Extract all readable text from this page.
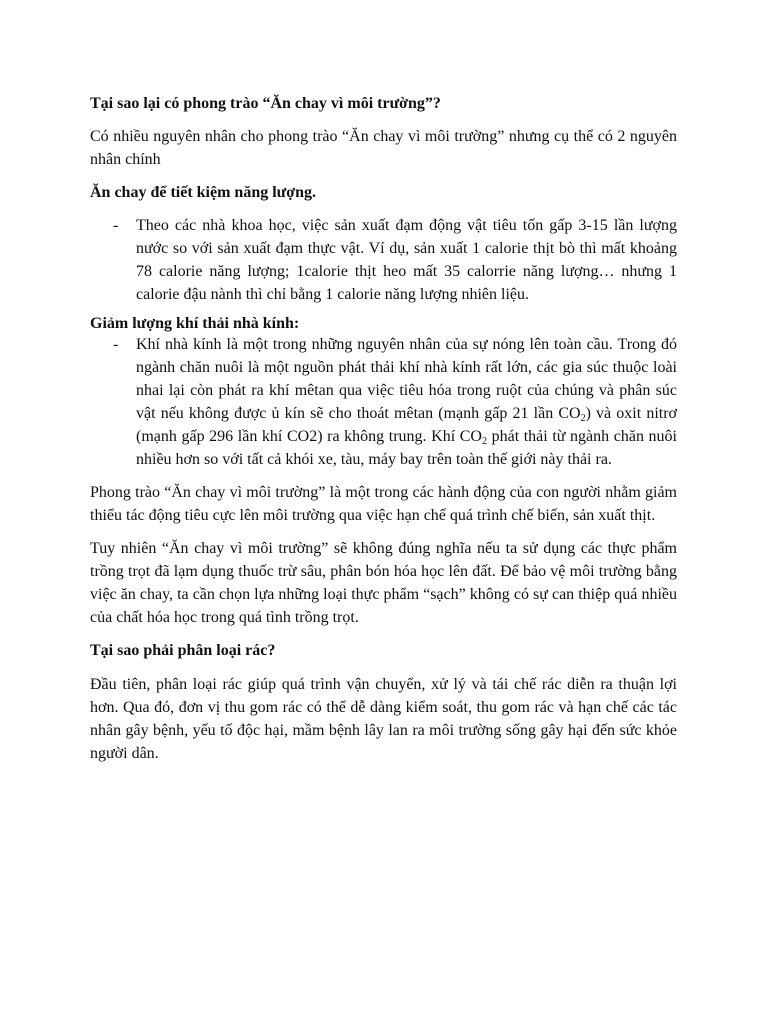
Tại sao lại có phong trào “Ăn chay vì môi trường”?

Có nhiều nguyên nhân cho phong trào “Ăn chay vì môi trường” nhưng cụ thể có 2 nguyên nhân chính

Ăn chay để tiết kiệm năng lượng.

- Theo các nhà khoa học, việc sản xuất đạm động vật tiêu tốn gấp 3-15 lần lượng nước so với sản xuất đạm thực vật. Ví dụ, sản xuất 1 calorie thịt bò thì mất khoảng 78 calorie năng lượng; 1calorie thịt heo mất 35 calorrie năng lượng… nhưng 1 calorie đậu nành thì chỉ bằng 1 calorie năng lượng nhiên liệu.

Giảm lượng khí thải nhà kính:

- Khí nhà kính là một trong những nguyên nhân của sự nóng lên toàn cầu. Trong đó ngành chăn nuôi là một nguồn phát thải khí nhà kính rất lớn, các gia súc thuộc loài nhai lại còn phát ra khí mêtan qua việc tiêu hóa trong ruột của chúng và phân súc vật nếu không được ủ kín sẽ cho thoát mêtan (mạnh gấp 21 lần $CO_2$) và oxit nitrơ (mạnh gấp 296 lần khí CO2) ra không trung. Khí $CO_2$ phát thải từ ngành chăn nuôi nhiều hơn so với tất cả khói xe, tàu, máy bay trên toàn thế giới này thải ra.

Phong trào “Ăn chay vì môi trường” là một trong các hành động của con người nhằm giảm thiểu tác động tiêu cực lên môi trường qua việc hạn chế quá trình chế biến, sản xuất thịt.

Tuy nhiên “Ăn chay vì môi trường” sẽ không đúng nghĩa nếu ta sử dụng các thực phẩm trồng trọt đã lạm dụng thuốc trừ sâu, phân bón hóa học lên đất. Để bảo vệ môi trường bằng việc ăn chay, ta cần chọn lựa những loại thực phẩm “sạch” không có sự can thiệp quá nhiều của chất hóa học trong quá tình trồng trọt.

Tại sao phải phân loại rác?

Đầu tiên, phân loại rác giúp quá trình vận chuyển, xử lý và tái chế rác diễn ra thuận lợi hơn. Qua đó, đơn vị thu gom rác có thể dễ dàng kiểm soát, thu gom rác và hạn chế các tác nhân gây bệnh, yếu tố độc hại, mầm bệnh lây lan ra môi trường sống gây hại đến sức khỏe người dân.
